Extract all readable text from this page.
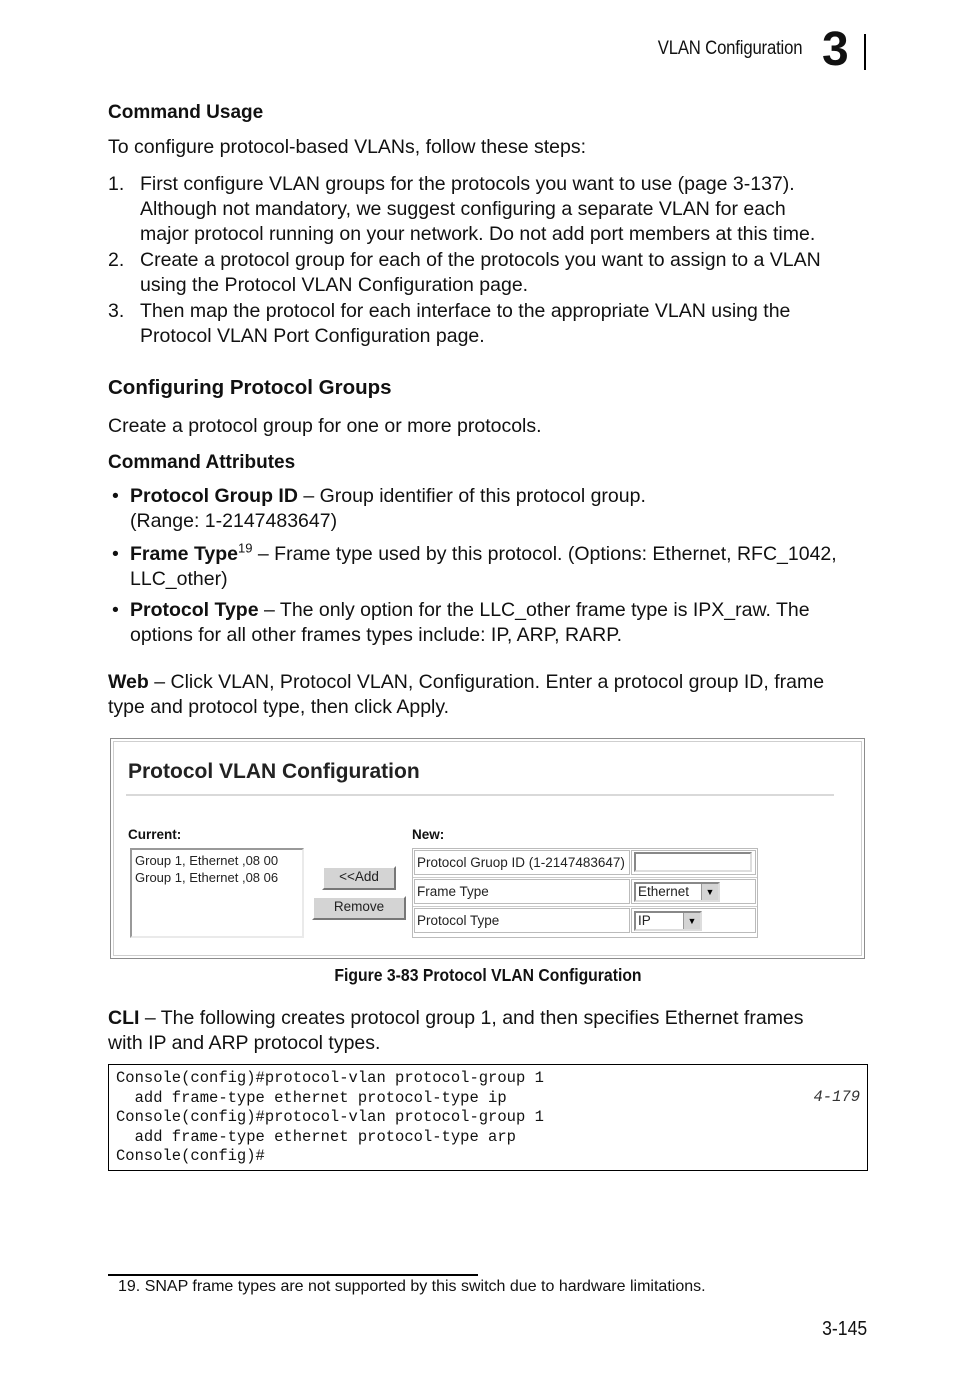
VLAN Configuration 3
Command Usage
To configure protocol-based VLANs, follow these steps:
1. First configure VLAN groups for the protocols you want to use (page 3-137).
Although not mandatory, we suggest configuring a separate VLAN for each
major protocol running on your network. Do not add port members at this time.
2. Create a protocol group for each of the protocols you want to assign to a VLAN
using the Protocol VLAN Configuration page.
3. Then map the protocol for each interface to the appropriate VLAN using the
Protocol VLAN Port Configuration page.
Configuring Protocol Groups
Create a protocol group for one or more protocols.
Command Attributes
• Protocol Group ID – Group identifier of this protocol group.
(Range: 1-2147483647)
• Frame Type$^{19}$ – Frame type used by this protocol. (Options: Ethernet, RFC_1042,
LLC_other)
• Protocol Type – The only option for the LLC_other frame type is IPX_raw. The
options for all other frames types include: IP, ARP, RARP.
Web – Click VLAN, Protocol VLAN, Configuration. Enter a protocol group ID, frame
type and protocol type, then click Apply.
Protocol VLAN Configuration
Current:
Group 1, Ethernet ,08 00
Group 1, Ethernet ,08 06	<<Add
Remove
New:
Protocol Gruop ID (1-2147483647)
Frame Type	Ethernet	▼
Protocol Type	IP	▼
Figure 3-83 Protocol VLAN Configuration
CLI – The following creates protocol group 1, and then specifies Ethernet frames
with IP and ARP protocol types.
Console(config)#protocol-vlan protocol-group 1
add frame-type ethernet protocol-type ip
Console(config)#protocol-vlan protocol-group 1
add frame-type ethernet protocol-type arp
Console(config)#
4-179
19. SNAP frame types are not supported by this switch due to hardware limitations.
3-145
